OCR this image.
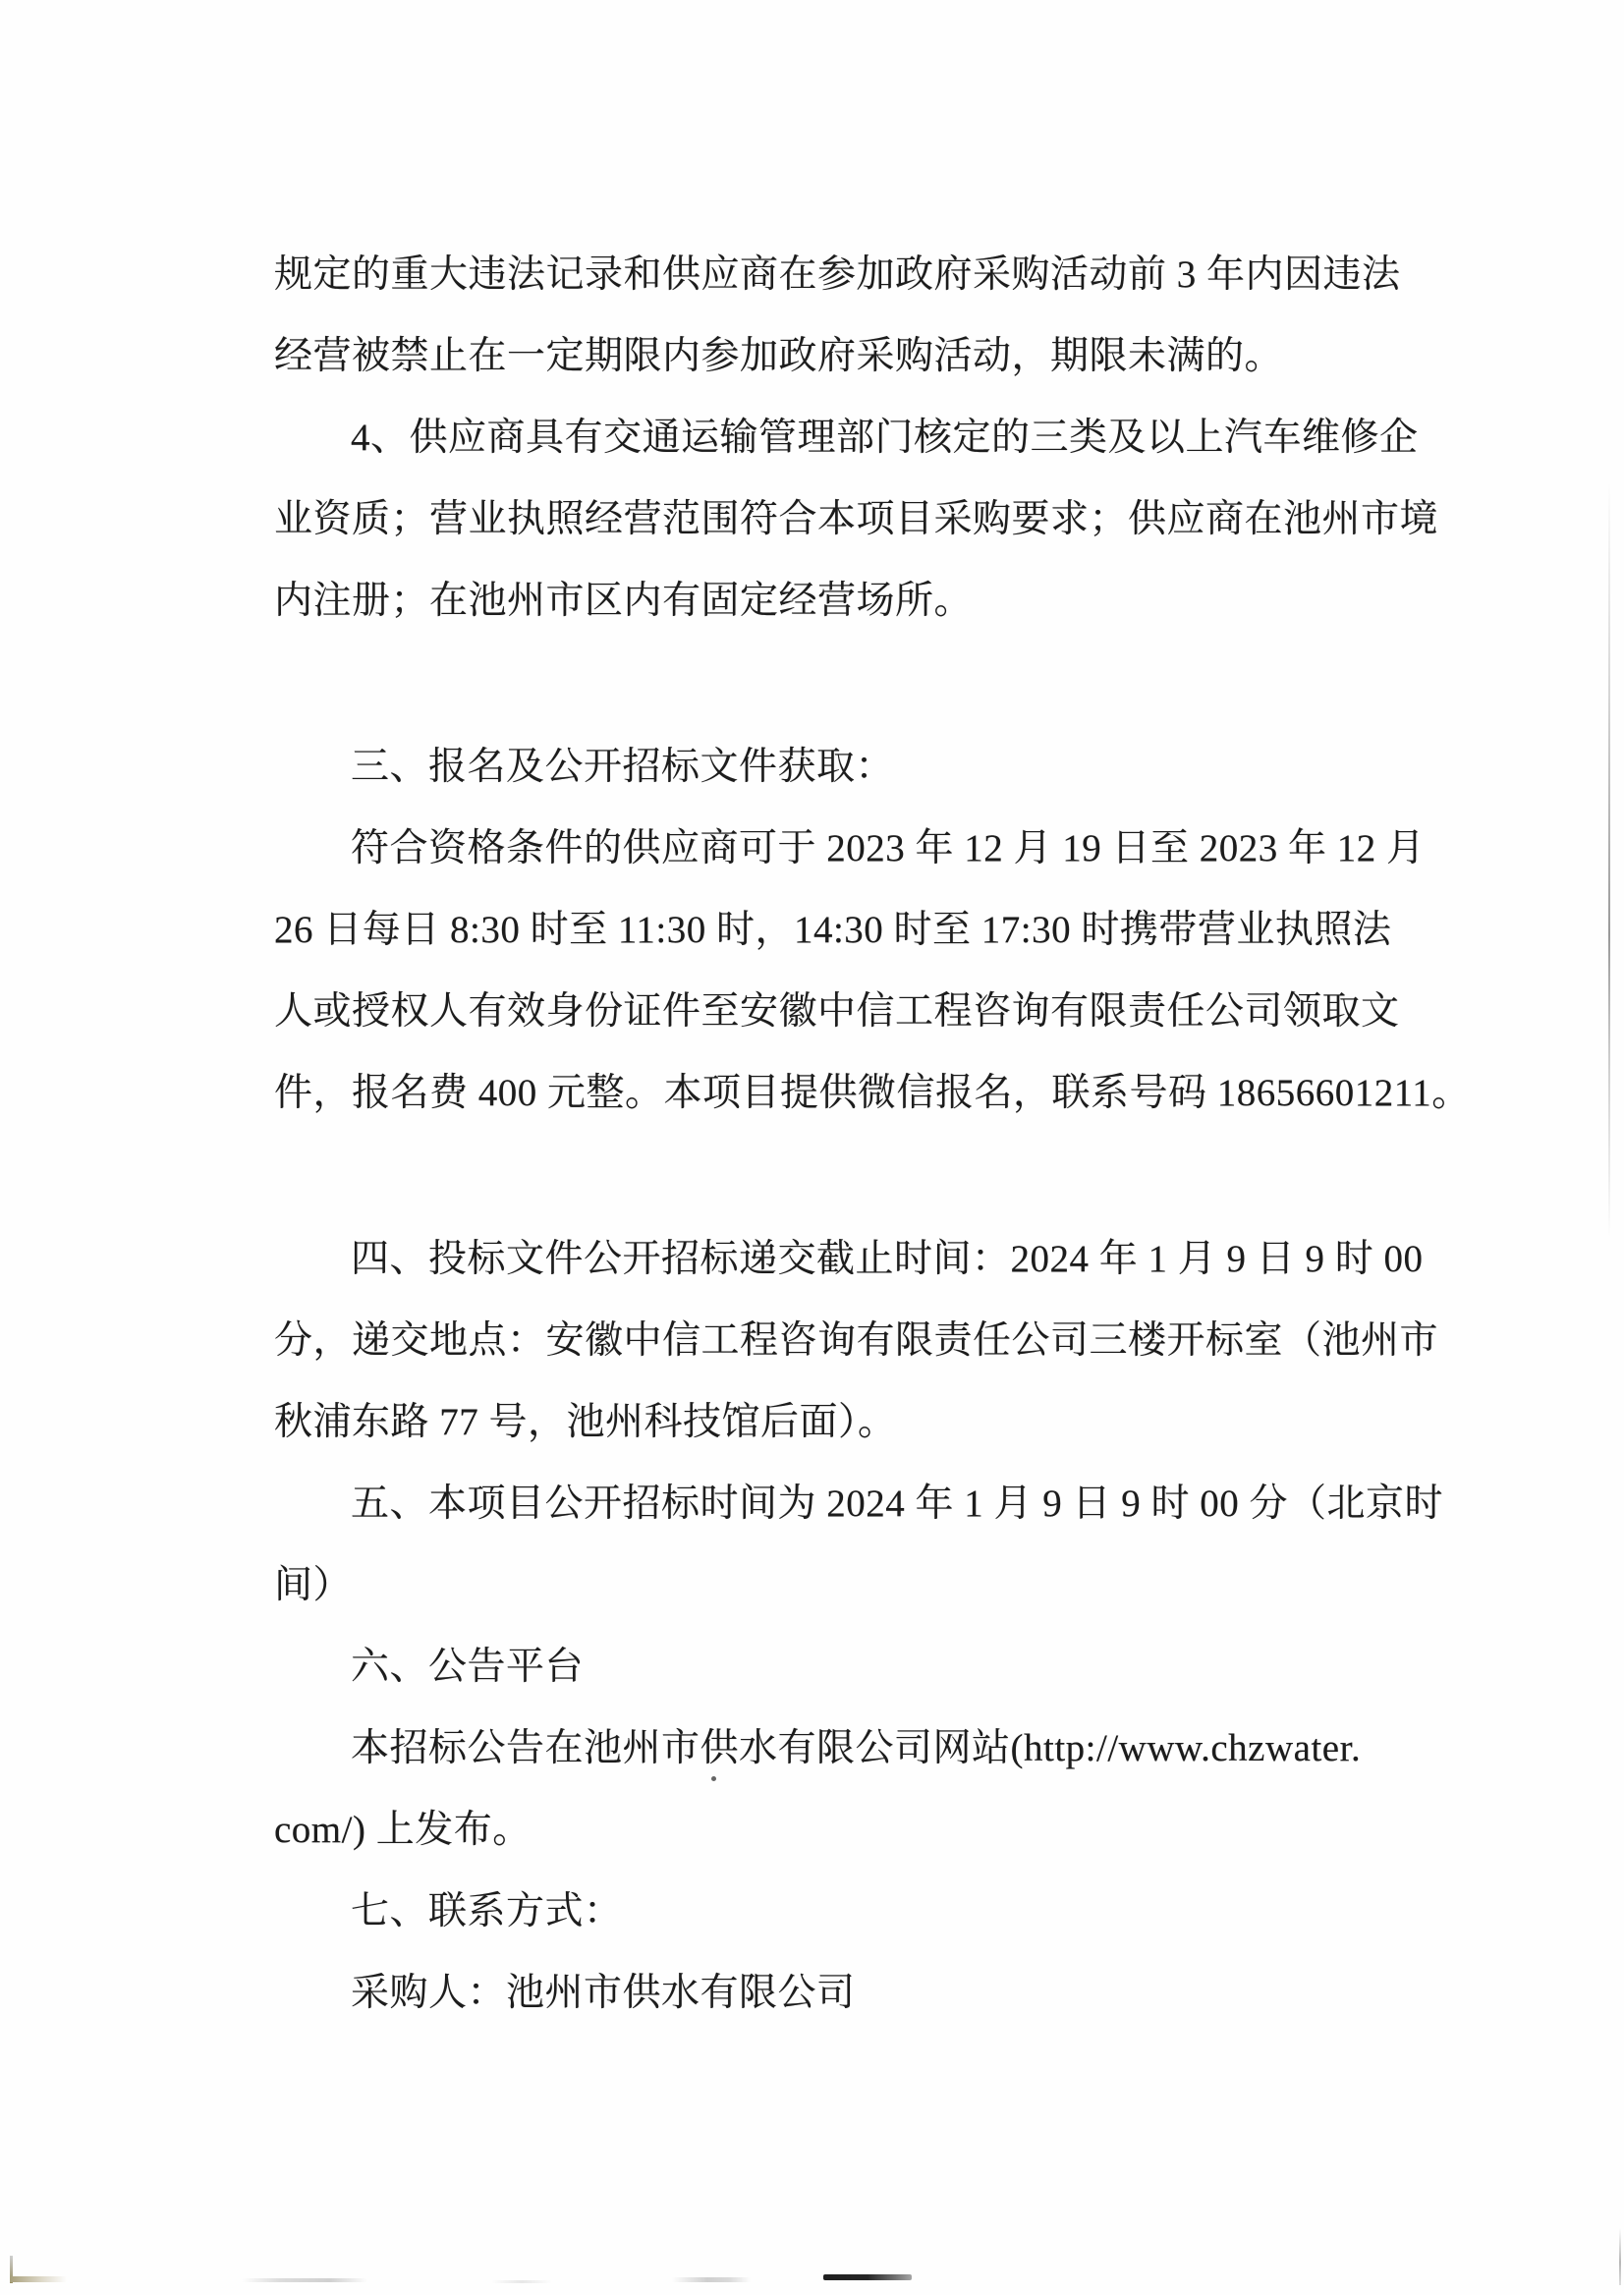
规定的重大违法记录和供应商在参加政府采购活动前 3 年内因违法
经营被禁止在一定期限内参加政府采购活动，期限未满的。
4、供应商具有交通运输管理部门核定的三类及以上汽车维修企
业资质；营业执照经营范围符合本项目采购要求；供应商在池州市境
内注册；在池州市区内有固定经营场所。
三、报名及公开招标文件获取：
符合资格条件的供应商可于 2023 年 12 月 19 日至 2023 年 12 月
26 日每日 8:30 时至 11:30 时，14:30 时至 17:30 时携带营业执照法
人或授权人有效身份证件至安徽中信工程咨询有限责任公司领取文
件，报名费 400 元整。本项目提供微信报名，联系号码 18656601211。
四、投标文件公开招标递交截止时间：2024 年 1 月 9 日 9 时 00
分，递交地点：安徽中信工程咨询有限责任公司三楼开标室（池州市
秋浦东路 77 号，池州科技馆后面）。
五、本项目公开招标时间为 2024 年 1 月 9 日 9 时 00 分（北京时
间）
六、公告平台
本招标公告在池州市供水有限公司网站(http://www.chzwater.
com/) 上发布。
七、联系方式：
采购人：池州市供水有限公司
